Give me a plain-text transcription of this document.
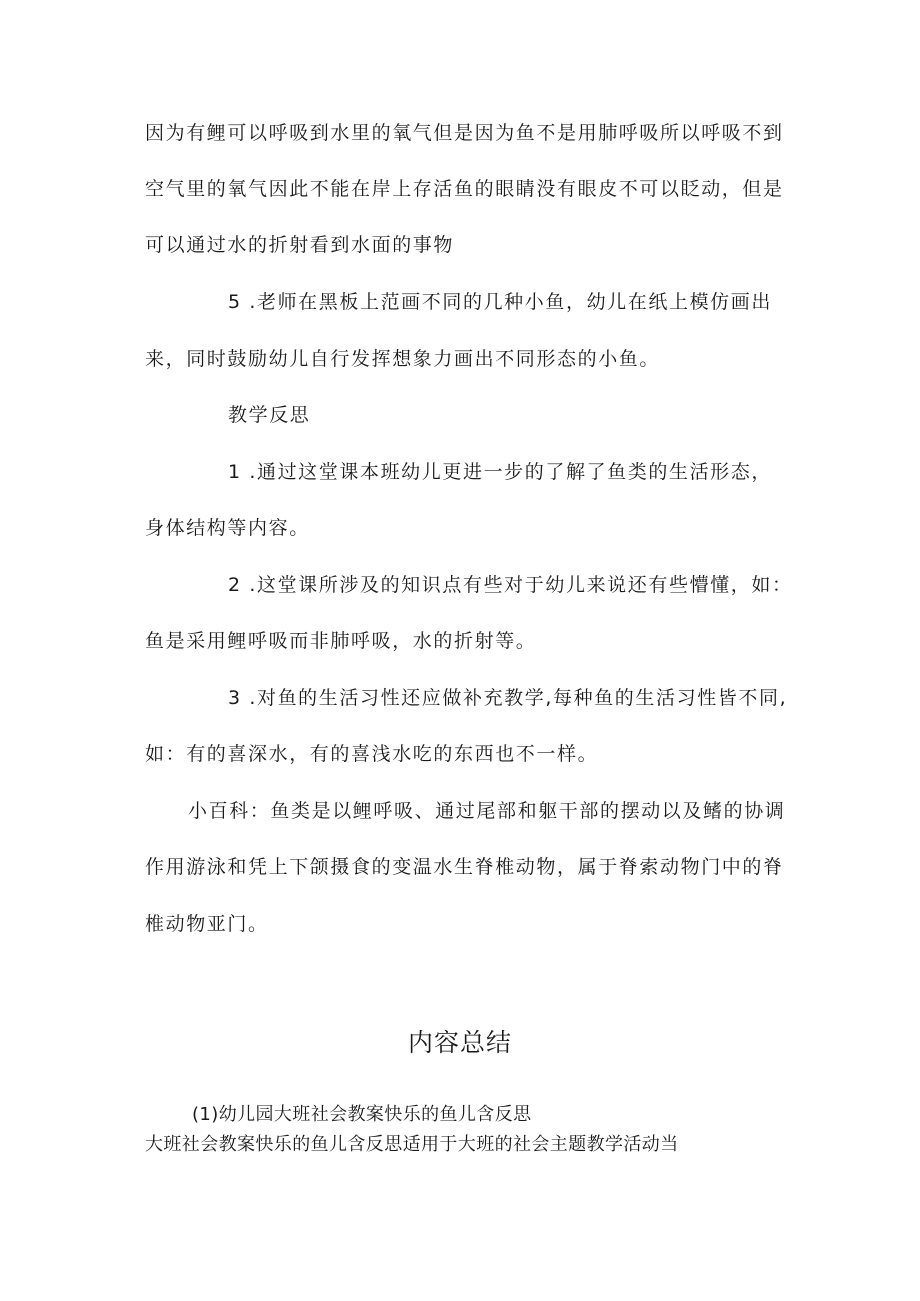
因为有鲤可以呼吸到水里的氧气但是因为鱼不是用肺呼吸所以呼吸不到
空气里的氧气因此不能在岸上存活鱼的眼睛没有眼皮不可以眨动，但是
可以通过水的折射看到水面的事物
5 .老师在黑板上范画不同的几种小鱼，幼儿在纸上模仿画出
来，同时鼓励幼儿自行发挥想象力画出不同形态的小鱼。
教学反思
1 .通过这堂课本班幼儿更进一步的了解了鱼类的生活形态，
身体结构等内容。
2 .这堂课所涉及的知识点有些对于幼儿来说还有些懵懂，如：
鱼是采用鲤呼吸而非肺呼吸，水的折射等。
3 .对鱼的生活习性还应做补充教学,每种鱼的生活习性皆不同,
如：有的喜深水，有的喜浅水吃的东西也不一样。
小百科：鱼类是以鲤呼吸、通过尾部和躯干部的摆动以及鳍的协调
作用游泳和凭上下颌摄食的变温水生脊椎动物，属于脊索动物门中的脊
椎动物亚门。
内容总结
(1)幼儿园大班社会教案快乐的鱼儿含反思
大班社会教案快乐的鱼儿含反思适用于大班的社会主题教学活动当
